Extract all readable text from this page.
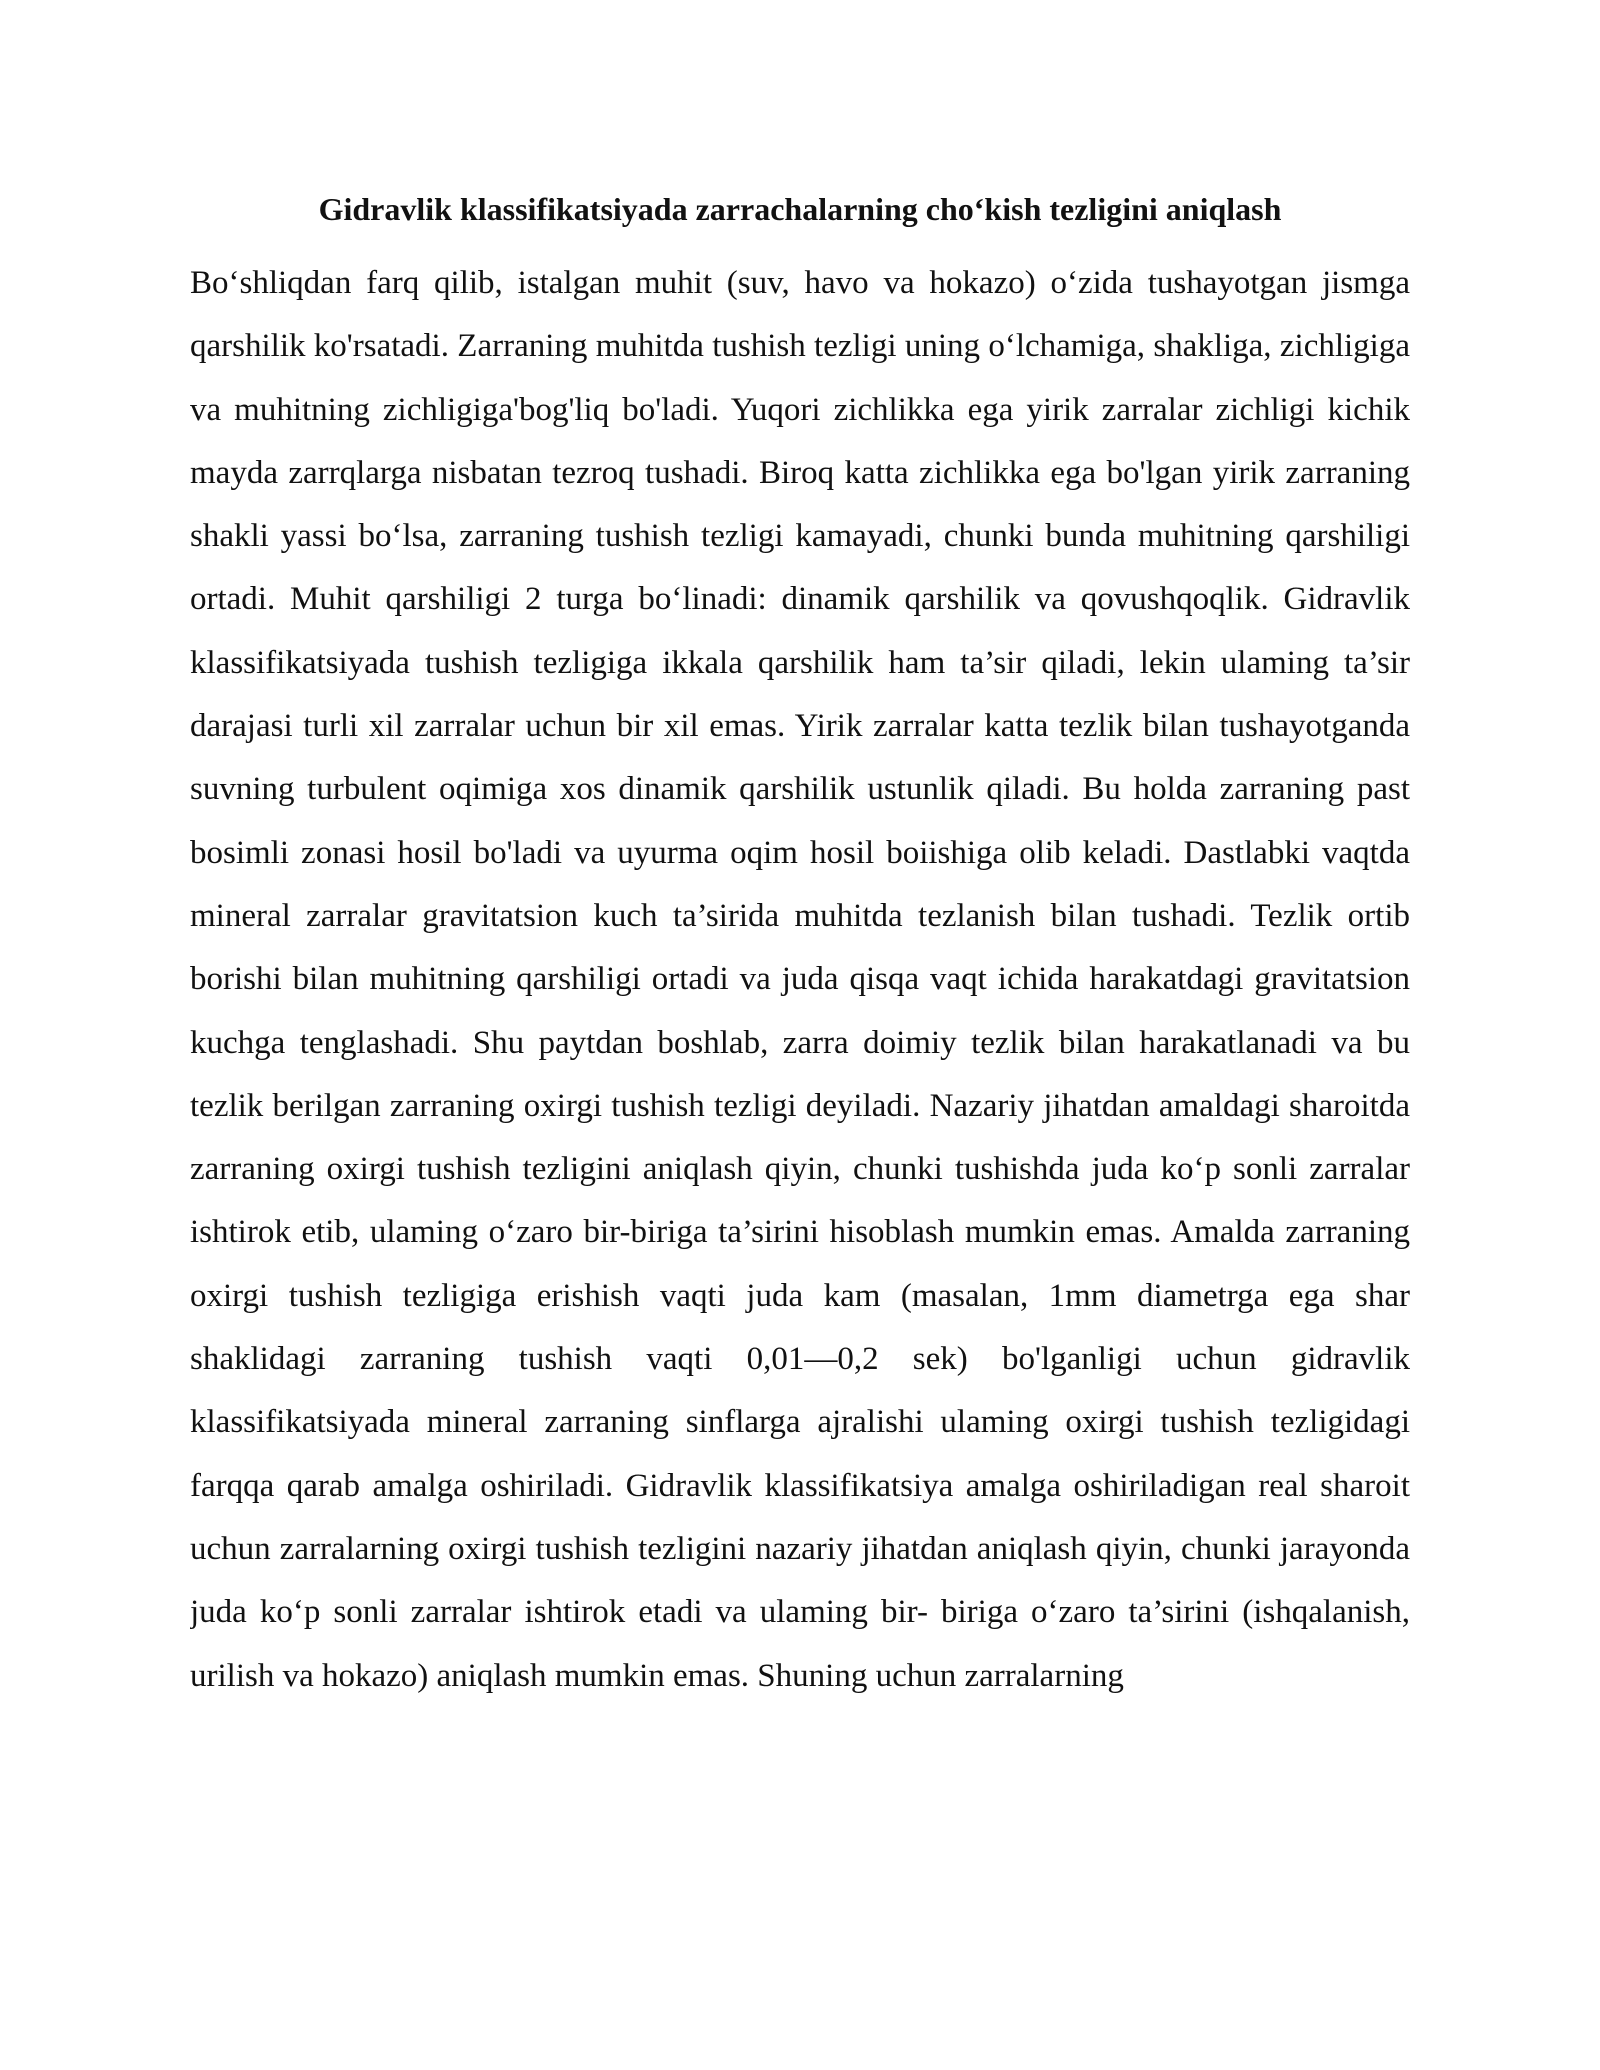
Gidravlik klassifikatsiyada zarrachalarning cho‘kish tezligini aniqlash

Bo‘shliqdan farq qilib, istalgan muhit (suv, havo va hokazo) o‘zida tushayotgan jismga qarshilik ko'rsatadi. Zarraning muhitda tushish tezligi uning o‘lchamiga, shakliga, zichligiga va muhitning zichligiga'bog'liq bo'ladi. Yuqori zichlikka ega yirik zarralar zichligi kichik mayda zarrqlarga nisbatan tezroq tushadi. Biroq katta zichlikka ega bo'lgan yirik zarraning shakli yassi bo‘lsa, zarraning tushish tezligi kamayadi, chunki bunda muhitning qarshiligi ortadi. Muhit qarshiligi 2 turga bo‘linadi: dinamik qarshilik va qovushqoqlik. Gidravlik klassifikatsiyada tushish tezligiga ikkala qarshilik ham ta’sir qiladi, lekin ulaming ta’sir darajasi turli xil zarralar uchun bir xil emas. Yirik zarralar katta tezlik bilan tushayotganda suvning turbulent oqimiga xos dinamik qarshilik ustunlik qiladi. Bu holda zarraning past bosimli zonasi hosil bo'ladi va uyurma oqim hosil boiishiga olib keladi. Dastlabki vaqtda mineral zarralar gravitatsion kuch ta’sirida muhitda tezlanish bilan tushadi. Tezlik ortib borishi bilan muhitning qarshiligi ortadi va juda qisqa vaqt ichida harakatdagi gravitatsion kuchga tenglashadi. Shu paytdan boshlab, zarra doimiy tezlik bilan harakatlanadi va bu tezlik berilgan zarraning oxirgi tushish tezligi deyiladi. Nazariy jihatdan amaldagi sharoitda zarraning oxirgi tushish tezligini aniqlash qiyin, chunki tushishda juda ko‘p sonli zarralar ishtirok etib, ulaming o‘zaro bir-biriga ta’sirini hisoblash mumkin emas. Amalda zarraning oxirgi tushish tezligiga erishish vaqti juda kam (masalan, 1mm diametrga ega shar shaklidagi zarraning tushish vaqti 0,01—0,2 sek) bo'lganligi uchun gidravlik klassifikatsiyada mineral zarraning sinflarga ajralishi ulaming oxirgi tushish tezligidagi farqqa qarab amalga oshiriladi. Gidravlik klassifikatsiya amalga oshiriladigan real sharoit uchun zarralarning oxirgi tushish tezligini nazariy jihatdan aniqlash qiyin, chunki jarayonda juda ko‘p sonli zarralar ishtirok etadi va ulaming bir- biriga o‘zaro ta’sirini (ishqalanish, urilish va hokazo) aniqlash mumkin emas. Shuning uchun zarralarning
